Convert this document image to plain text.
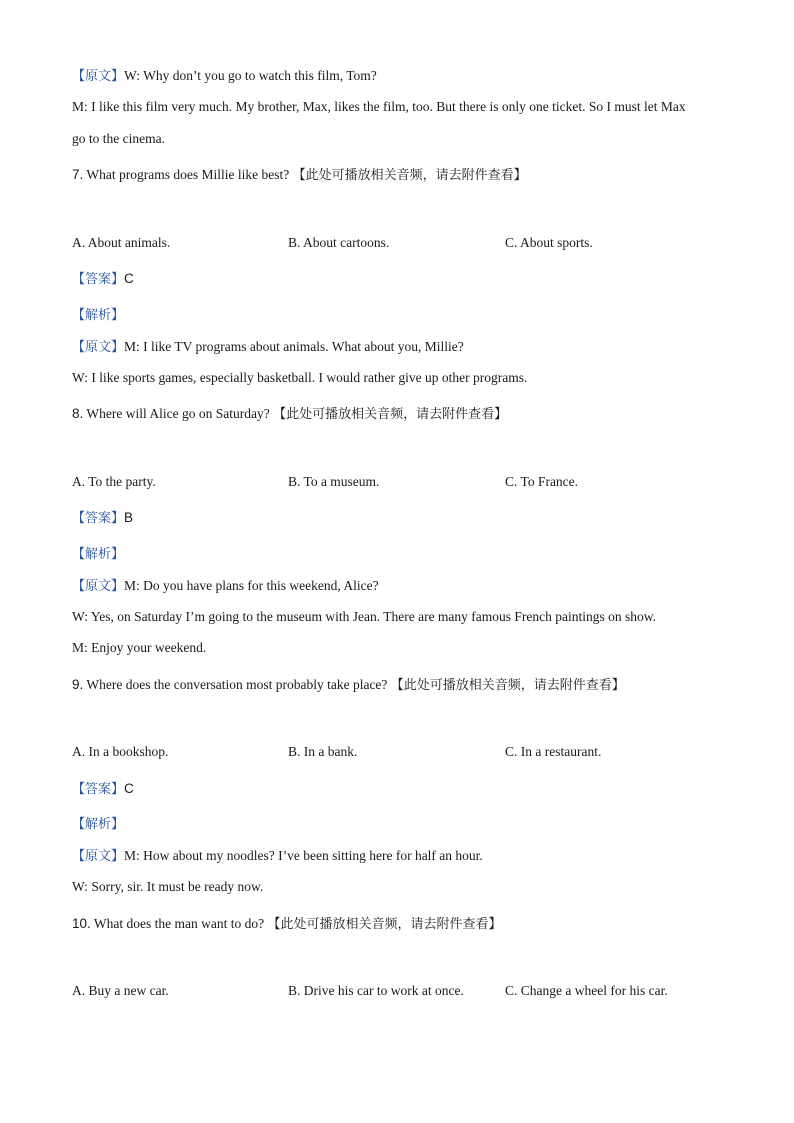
【原文】W: Why don’t you go to watch this film, Tom?
M: I like this film very much. My brother, Max, likes the film, too. But there is only one ticket. So I must let Max
go to the cinema.
7. What programs does Millie like best? 【此处可播放相关音频，请去附件查看】
A. About animals.	B. About cartoons.	C. About sports.
【答案】C
【解析】
【原文】M: I like TV programs about animals. What about you, Millie?
W: I like sports games, especially basketball. I would rather give up other programs.
8. Where will Alice go on Saturday? 【此处可播放相关音频，请去附件查看】
A. To the party.	B. To a museum.	C. To France.
【答案】B
【解析】
【原文】M: Do you have plans for this weekend, Alice?
W: Yes, on Saturday I’m going to the museum with Jean. There are many famous French paintings on show.
M: Enjoy your weekend.
9. Where does the conversation most probably take place? 【此处可播放相关音频，请去附件查看】
A. In a bookshop.	B. In a bank.	C. In a restaurant.
【答案】C
【解析】
【原文】M: How about my noodles? I’ve been sitting here for half an hour.
W: Sorry, sir. It must be ready now.
10. What does the man want to do? 【此处可播放相关音频，请去附件查看】
A. Buy a new car.	B. Drive his car to work at once.	C. Change a wheel for his car.
